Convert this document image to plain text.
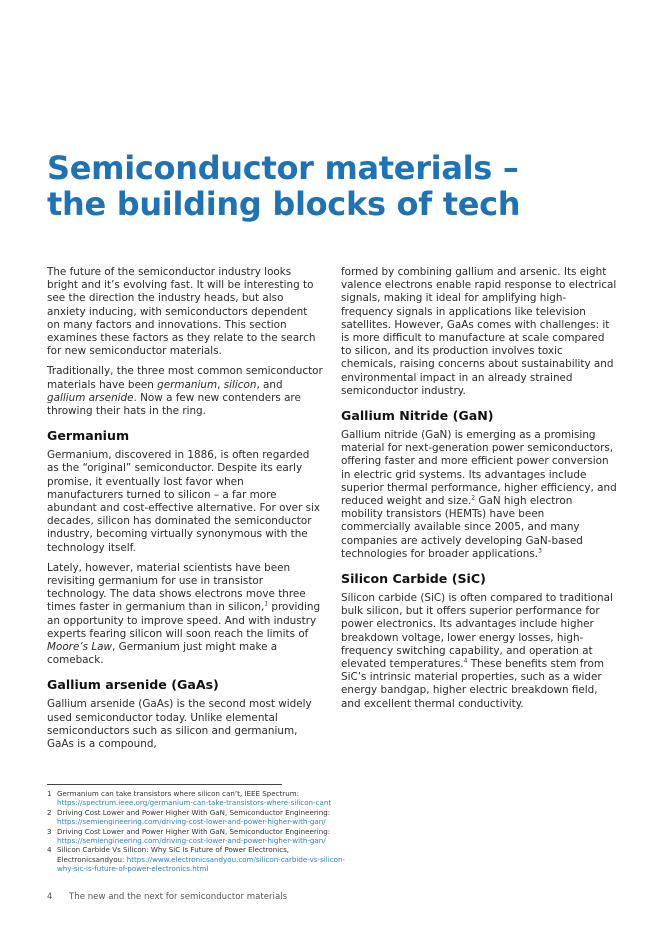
Semiconductor materials –
the building blocks of tech

The future of the semiconductor industry looks bright and it’s evolving fast. It will be interesting to see the direction the industry heads, but also anxiety inducing, with semiconductors dependent on many factors and innovations. This section examines these factors as they relate to the search for new semiconductor materials.

Traditionally, the three most common semiconductor materials have been germanium, silicon, and gallium arsenide. Now a few new contenders are throwing their hats in the ring.

Germanium

Germanium, discovered in 1886, is often regarded as the “original” semiconductor. Despite its early promise, it eventually lost favor when manufacturers turned to silicon – a far more abundant and cost-effective alternative. For over six decades, silicon has dominated the semiconductor industry, becoming virtually synonymous with the technology itself.

Lately, however, material scientists have been revisiting germanium for use in transistor technology. The data shows electrons move three times faster in germanium than in silicon,$^1$ providing an opportunity to improve speed. And with industry experts fearing silicon will soon reach the limits of Moore’s Law, Germanium just might make a comeback.

Gallium arsenide (GaAs)

Gallium arsenide (GaAs) is the second most widely used semiconductor today. Unlike elemental semiconductors such as silicon and germanium, GaAs is a compound,

formed by combining gallium and arsenic. Its eight valence electrons enable rapid response to electrical signals, making it ideal for amplifying high-frequency signals in applications like television satellites. However, GaAs comes with challenges: it is more difficult to manufacture at scale compared to silicon, and its production involves toxic chemicals, raising concerns about sustainability and environmental impact in an already strained semiconductor industry.

Gallium Nitride (GaN)

Gallium nitride (GaN) is emerging as a promising material for next-generation power semiconductors, offering faster and more efficient power conversion in electric grid systems. Its advantages include superior thermal performance, higher efficiency, and reduced weight and size.$^2$ GaN high electron mobility transistors (HEMTs) have been commercially available since 2005, and many companies are actively developing GaN-based technologies for broader applications.$^3$

Silicon Carbide (SiC)

Silicon carbide (SiC) is often compared to traditional bulk silicon, but it offers superior performance for power electronics. Its advantages include higher breakdown voltage, lower energy losses, high-frequency switching capability, and operation at elevated temperatures.$^4$ These benefits stem from SiC’s intrinsic material properties, such as a wider energy bandgap, higher electric breakdown field, and excellent thermal conductivity.

1 Germanium can take transistors where silicon can’t, IEEE Spectrum:
https://spectrum.ieee.org/germanium-can-take-transistors-where-silicon-cant
2 Driving Cost Lower and Power Higher With GaN, Semiconductor Engineering:
https://semiengineering.com/driving-cost-lower-and-power-higher-with-gan/
3 Driving Cost Lower and Power Higher With GaN, Semiconductor Engineering:
https://semiengineering.com/driving-cost-lower-and-power-higher-with-gan/
4 Silicon Carbide Vs Silicon: Why SiC Is Future of Power Electronics, Electronicsandyou: https://www.electronicsandyou.com/silicon-carbide-vs-silicon-why-sic-is-future-of-power-electronics.html
4 The new and the next for semiconductor materials
